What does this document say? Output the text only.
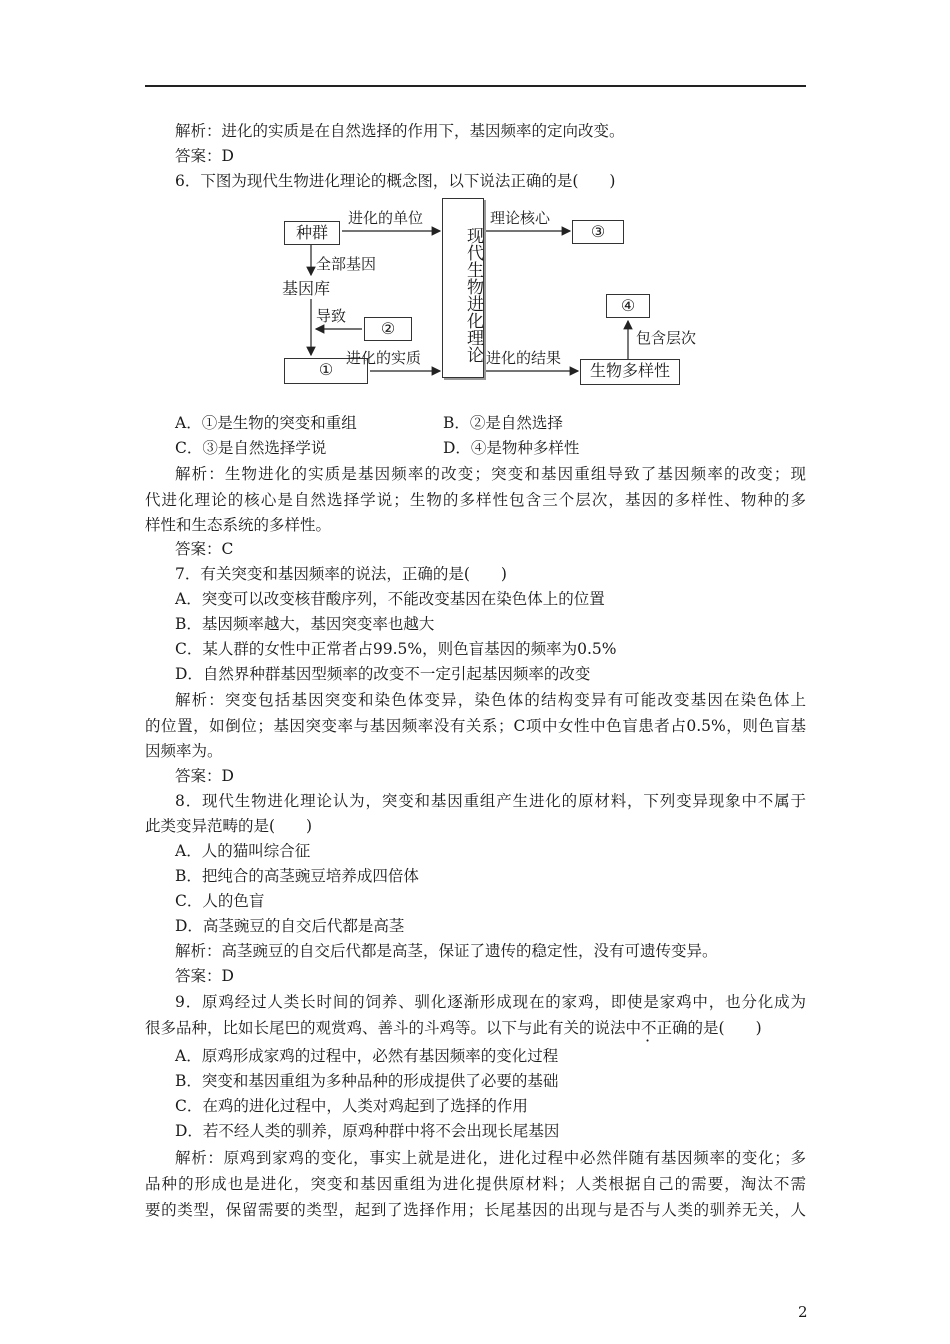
解析：进化的实质是在自然选择的作用下，基因频率的定向改变。
答案：D
6．下图为现代生物进化理论的概念图，以下说法正确的是(　　)
种群
进化的单位
现代生物进化理论
理论核心
③
全部基因
基因库
导致
②
①
进化的实质	进化的结果
生物多样性
④
包含层次
A．①是生物的突变和重组	B．②是自然选择
C．③是自然选择学说	D．④是物种多样性
解析：生物进化的实质是基因频率的改变；突变和基因重组导致了基因频率的改变；现
代进化理论的核心是自然选择学说；生物的多样性包含三个层次，基因的多样性、物种的多
样性和生态系统的多样性。
答案：C
7．有关突变和基因频率的说法，正确的是(　　)
A．突变可以改变核苷酸序列，不能改变基因在染色体上的位置
B．基因频率越大，基因突变率也越大
C．某人群的女性中正常者占99.5%，则色盲基因的频率为0.5%
D．自然界种群基因型频率的改变不一定引起基因频率的改变
解析：突变包括基因突变和染色体变异，染色体的结构变异有可能改变基因在染色体上
的位置，如倒位；基因突变率与基因频率没有关系；C项中女性中色盲患者占0.5%，则色盲基
因频率为。
答案：D
8．现代生物进化理论认为，突变和基因重组产生进化的原材料，下列变异现象中不属于
此类变异范畴的是(　　)
A．人的猫叫综合征
B．把纯合的高茎豌豆培养成四倍体
C．人的色盲
D．高茎豌豆的自交后代都是高茎
解析：高茎豌豆的自交后代都是高茎，保证了遗传的稳定性，没有可遗传变异。
答案：D
9．原鸡经过人类长时间的饲养、驯化逐渐形成现在的家鸡，即使是家鸡中，也分化成为
很多品种，比如长尾巴的观赏鸡、善斗的斗鸡等。以下与此有关的说法中不正确的是(　　)
A．原鸡形成家鸡的过程中，必然有基因频率的变化过程
B．突变和基因重组为多种品种的形成提供了必要的基础
C．在鸡的进化过程中，人类对鸡起到了选择的作用
D．若不经人类的驯养，原鸡种群中将不会出现长尾基因
解析：原鸡到家鸡的变化，事实上就是进化，进化过程中必然伴随有基因频率的变化；多
品种的形成也是进化，突变和基因重组为进化提供原材料；人类根据自己的需要，淘汰不需
要的类型，保留需要的类型，起到了选择作用；长尾基因的出现与是否与人类的驯养无关，人
2
